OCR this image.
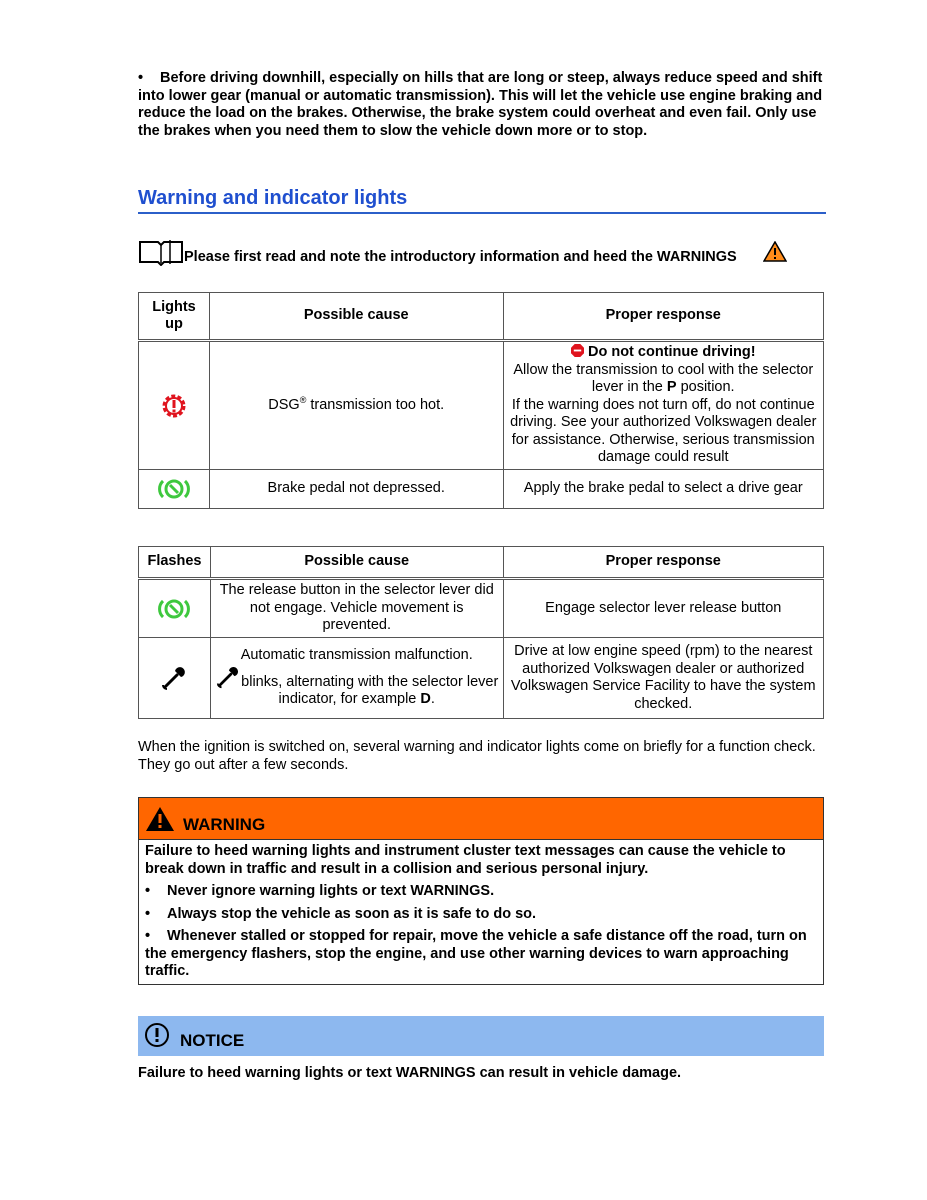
• Before driving downhill, especially on hills that are long or steep, always reduce speed and shift into lower gear (manual or automatic transmission). This will let the vehicle use engine braking and reduce the load on the brakes. Otherwise, the brake system could overheat and even fail. Only use the brakes when you need them to slow the vehicle down more or to stop.
Warning and indicator lights
Please first read and note the introductory information and heed the WARNINGS
Lights up	Possible cause	Proper response

	DSG® transmission too hot.	Do not continue driving!
Allow the transmission to cool with the selector lever in the P position.
If the warning does not turn off, do not continue driving. See your authorized Volkswagen dealer for assistance. Otherwise, serious transmission damage could result

	Brake pedal not depressed.	Apply the brake pedal to select a drive gear
Flashes	Possible cause	Proper response

	The release button in the selector lever did not engage. Vehicle movement is prevented.	Engage selector lever release button

Automatic transmission malfunction.
blinks, alternating with the selector lever indicator, for example D.	Drive at low engine speed (rpm) to the nearest authorized Volkswagen dealer or authorized Volkswagen Service Facility to have the system checked.
When the ignition is switched on, several warning and indicator lights come on briefly for a function check. They go out after a few seconds.
WARNING

Failure to heed warning lights and instrument cluster text messages can cause the vehicle to break down in traffic and result in a collision and serious personal injury.

• Never ignore warning lights or text WARNINGS.

• Always stop the vehicle as soon as it is safe to do so.

• Whenever stalled or stopped for repair, move the vehicle a safe distance off the road, turn on the emergency flashers, stop the engine, and use other warning devices to warn approaching traffic.

NOTICE
Failure to heed warning lights or text WARNINGS can result in vehicle damage.
